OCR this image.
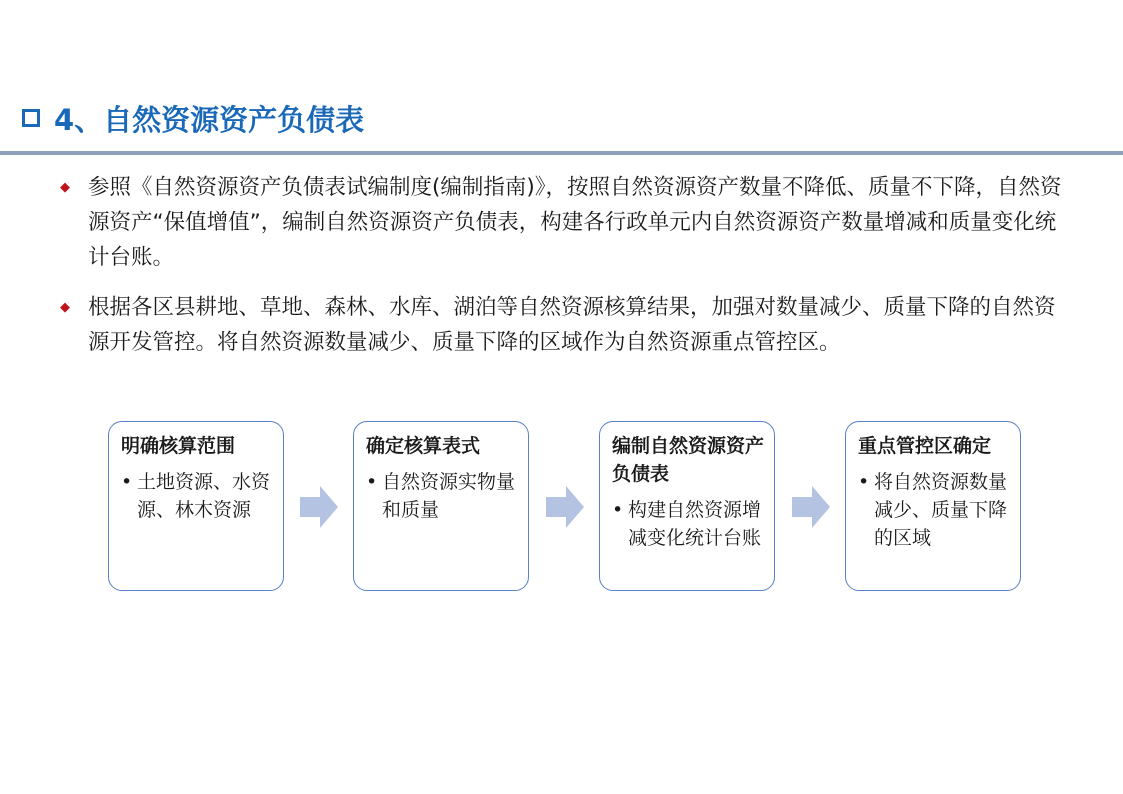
4、自然资源资产负债表
◆ 参照《自然资源资产负债表试编制度(编制指南)》，按照自然资源资产数量不降低、质量不下降，自然资源资产“保值增值”，编制自然资源资产负债表，构建各行政单元内自然资源资产数量增减和质量变化统计台账。
◆ 根据各区县耕地、草地、森林、水库、湖泊等自然资源核算结果，加强对数量减少、质量下降的自然资源开发管控。将自然资源数量减少、质量下降的区域作为自然资源重点管控区。
明确核算范围
• 土地资源、水资源、林木资源
确定核算表式
• 自然资源实物量和质量
编制自然资源资产负债表
• 构建自然资源增减变化统计台账
重点管控区确定
• 将自然资源数量减少、质量下降的区域
